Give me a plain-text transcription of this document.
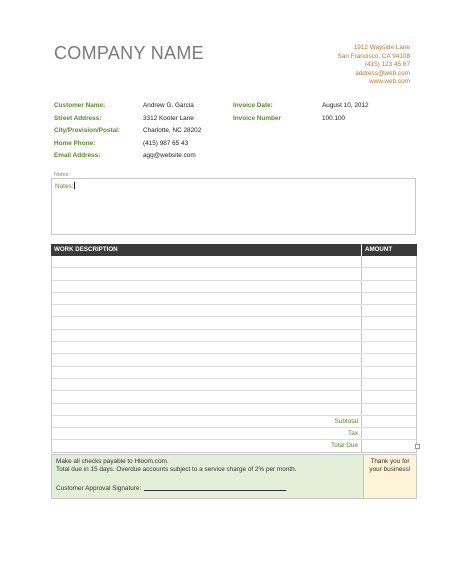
COMPANY NAME	1912 Wayside Lane
San Francisco, CA 94108
(415) 123 45 67
address@web.com
www.web.com
Customer Name:	Andrew G. Garcia
Street Address:	3312 Kooter Lane
City/Provision/Postal:	Charlotte, NC 28202
Home Phone:	(415) 987 65 43
Email Address:	agg@website.com
Invoice Date:	August 10, 2012
Invoice Number	100.100
Notes:
Notes:
WORK DESCRIPTION	AMOUNT
Subtotal
Tax
Total Due
Make all checks payable to Hloom.com.
Total due in 15 days. Overdue accounts subject to a service charge of 2% per month.
Customer Approval Signature:
Thank you for
your business!
